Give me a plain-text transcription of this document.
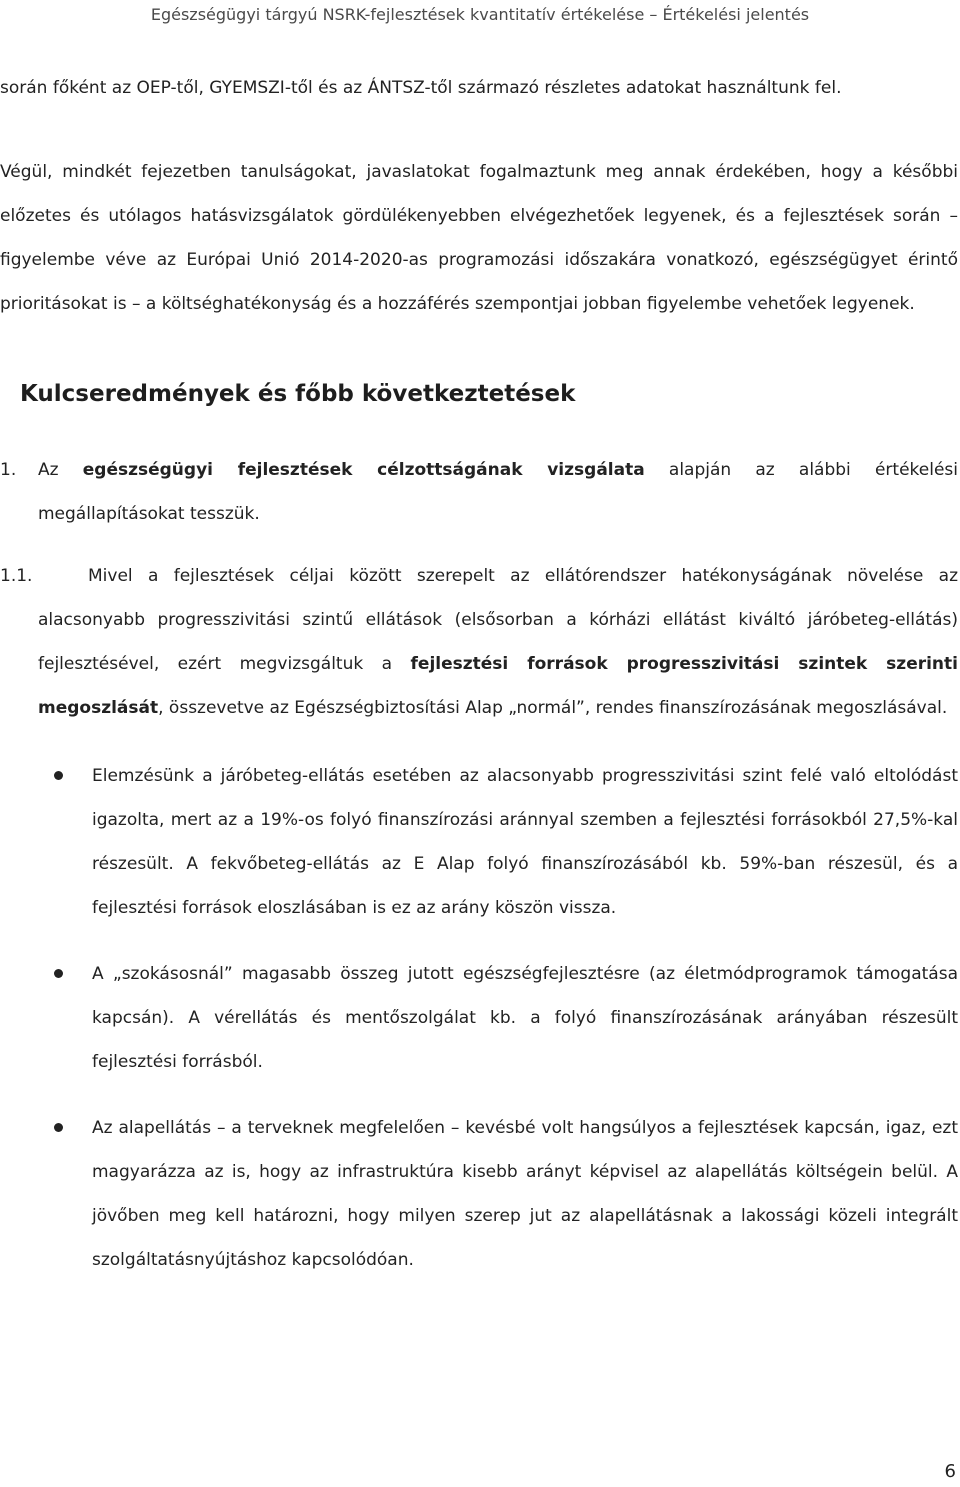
Egészségügyi tárgyú NSRK-fejlesztések kvantitatív értékelése – Értékelési jelentés

során főként az OEP-től, GYEMSZI-től és az ÁNTSZ-től származó részletes adatokat használtunk fel.

Végül, mindkét fejezetben tanulságokat, javaslatokat fogalmaztunk meg annak érdekében, hogy a későbbi előzetes és utólagos hatásvizsgálatok gördülékenyebben elvégezhetőek legyenek, és a fejlesztések során – figyelembe véve az Európai Unió 2014-2020-as programozási időszakára vonatkozó, egészségügyet érintő prioritásokat is – a költséghatékonyság és a hozzáférés szempontjai jobban figyelembe vehetőek legyenek.

Kulcseredmények és főbb következtetések

1. Az egészségügyi fejlesztések célzottságának vizsgálata alapján az alábbi értékelési megállapításokat tesszük.

1.1.	Mivel a fejlesztések céljai között szerepelt az ellátórendszer hatékonyságának növelése az alacsonyabb progresszivitási szintű ellátások (elsősorban a kórházi ellátást kiváltó járóbeteg-ellátás) fejlesztésével, ezért megvizsgáltuk a fejlesztési források progresszivitási szintek szerinti megoszlását, összevetve az Egészségbiztosítási Alap „normál”, rendes finanszírozásának megoszlásával.

Elemzésünk a járóbeteg-ellátás esetében az alacsonyabb progresszivitási szint felé való eltolódást igazolta, mert az a 19%-os folyó finanszírozási aránnyal szemben a fejlesztési forrásokból 27,5%-kal részesült. A fekvőbeteg-ellátás az E Alap folyó finanszírozásából kb. 59%-ban részesül, és a fejlesztési források eloszlásában is ez az arány köszön vissza.
A „szokásosnál” magasabb összeg jutott egészségfejlesztésre (az életmódprogramok támogatása kapcsán). A vérellátás és mentőszolgálat kb. a folyó finanszírozásának arányában részesült fejlesztési forrásból.
Az alapellátás – a terveknek megfelelően – kevésbé volt hangsúlyos a fejlesztések kapcsán, igaz, ezt magyarázza az is, hogy az infrastruktúra kisebb arányt képvisel az alapellátás költségein belül. A jövőben meg kell határozni, hogy milyen szerep jut az alapellátásnak a lakossági közeli integrált szolgáltatásnyújtáshoz kapcsolódóan.
6
